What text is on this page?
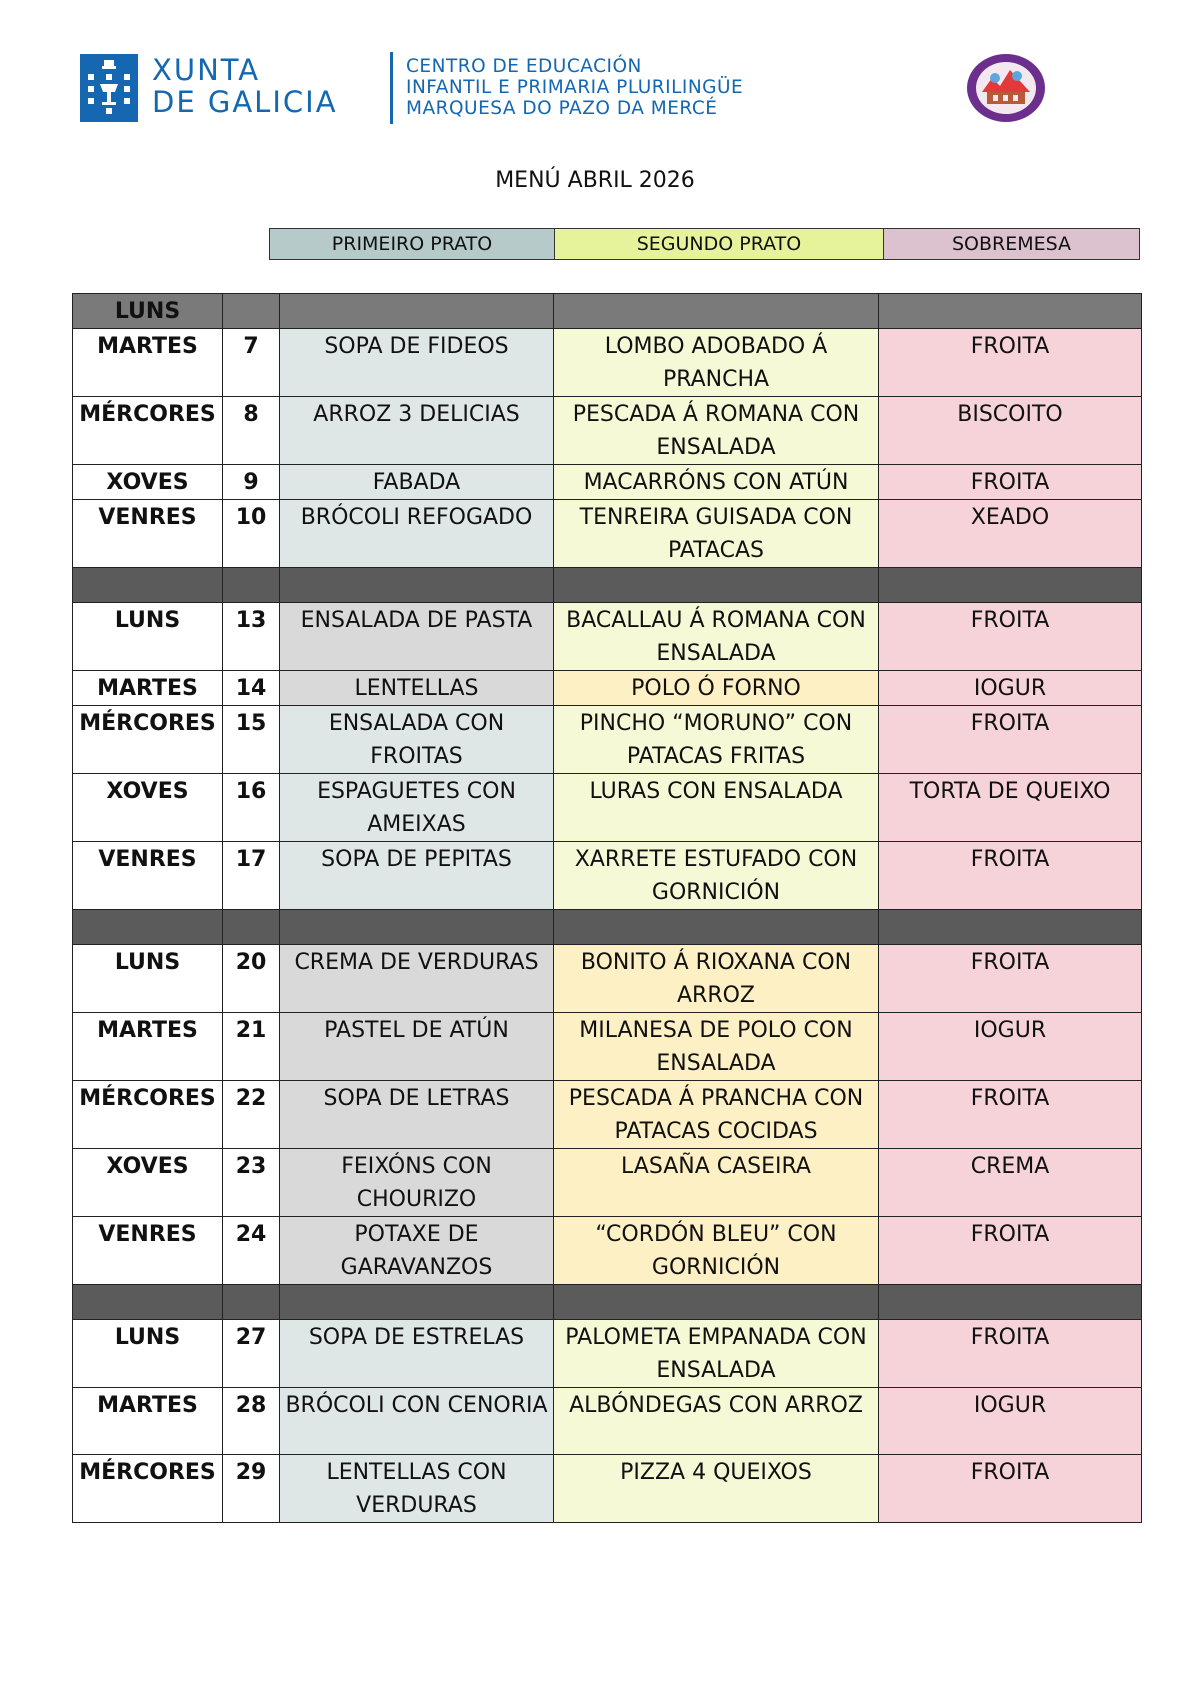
XUNTA
DE GALICIA
CENTRO DE EDUCACIÓN
INFANTIL E PRIMARIA PLURILINGÜE
MARQUESA DO PAZO DA MERCÉ
MENÚ ABRIL 2026
PRIMEIRO PRATO	SEGUNDO PRATO	SOBREMESA
LUNS				
MARTES	7	SOPA DE FIDEOS	LOMBO ADOBADO Á PRANCHA	FROITA
MÉRCORES	8	ARROZ 3 DELICIAS	PESCADA Á ROMANA CON ENSALADA	BISCOITO
XOVES	9	FABADA	MACARRÓNS CON ATÚN	FROITA
VENRES	10	BRÓCOLI REFOGADO	TENREIRA GUISADA CON PATACAS	XEADO

LUNS	13	ENSALADA DE PASTA	BACALLAU Á ROMANA CON ENSALADA	FROITA
MARTES	14	LENTELLAS	POLO Ó FORNO	IOGUR
MÉRCORES	15	ENSALADA CON FROITAS	PINCHO “MORUNO” CON PATACAS FRITAS	FROITA
XOVES	16	ESPAGUETES CON AMEIXAS	LURAS CON ENSALADA	TORTA DE QUEIXO
VENRES	17	SOPA DE PEPITAS	XARRETE ESTUFADO CON GORNICIÓN	FROITA

LUNS	20	CREMA DE VERDURAS	BONITO Á RIOXANA CON ARROZ	FROITA
MARTES	21	PASTEL DE ATÚN	MILANESA DE POLO CON ENSALADA	IOGUR
MÉRCORES	22	SOPA DE LETRAS	PESCADA Á PRANCHA CON PATACAS COCIDAS	FROITA
XOVES	23	FEIXÓNS CON CHOURIZO	LASAÑA CASEIRA	CREMA
VENRES	24	POTAXE DE GARAVANZOS	“CORDÓN BLEU” CON GORNICIÓN	FROITA

LUNS	27	SOPA DE ESTRELAS	PALOMETA EMPANADA CON ENSALADA	FROITA
MARTES	28	BRÓCOLI CON CENORIA	ALBÓNDEGAS CON ARROZ	IOGUR
MÉRCORES	29	LENTELLAS CON VERDURAS	PIZZA 4 QUEIXOS	FROITA
